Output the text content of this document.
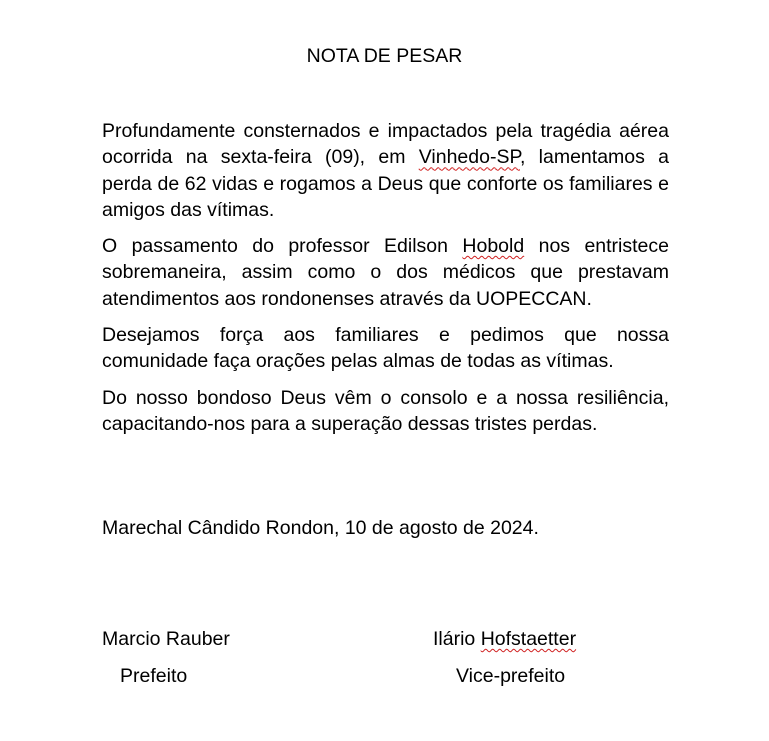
NOTA DE PESAR

Profundamente consternados e impactados pela tragédia aérea ocorrida na sexta-feira (09), em Vinhedo-SP, lamentamos a perda de 62 vidas e rogamos a Deus que conforte os familiares e amigos das vítimas.

O passamento do professor Edilson Hobold nos entristece sobremaneira, assim como o dos médicos que prestavam atendimentos aos rondonenses através da UOPECCAN.

Desejamos força aos familiares e pedimos que nossa comunidade faça orações pelas almas de todas as vítimas.

Do nosso bondoso Deus vêm o consolo e a nossa resiliência, capacitando-nos para a superação dessas tristes perdas.

Marechal Cândido Rondon, 10 de agosto de 2024.
Marcio Rauber
Prefeito
Ilário Hofstaetter
Vice-prefeito
